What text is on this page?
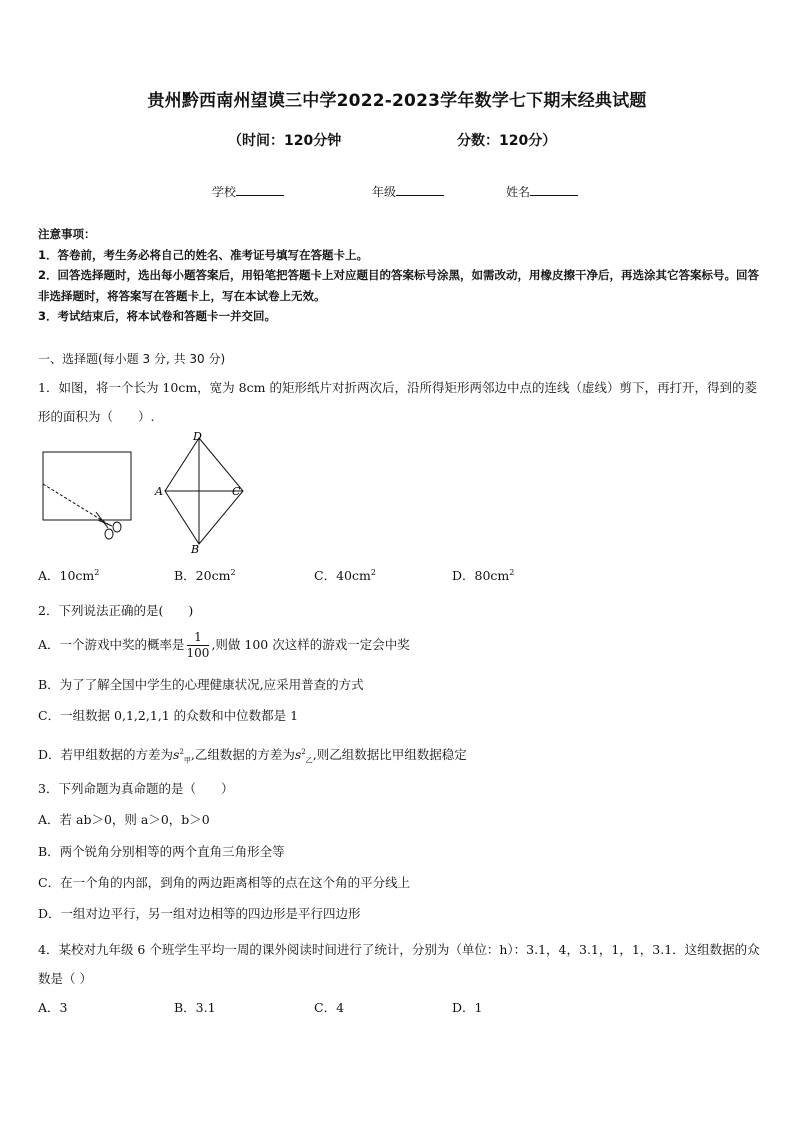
贵州黔西南州望谟三中学2022-2023学年数学七下期末经典试题
（时间：120分钟	分数：120分）
学校	年级	姓名

注意事项：

1．答卷前，考生务必将自己的姓名、准考证号填写在答题卡上。

2．回答选择题时，选出每小题答案后，用铅笔把答题卡上对应题目的答案标号涂黑，如需改动，用橡皮擦干净后，再选涂其它答案标号。回答非选择题时，将答案写在答题卡上，写在本试卷上无效。

3．考试结束后，将本试卷和答题卡一并交回。

一、选择题(每小题 3 分, 共 30 分)
1．如图，将一个长为 10cm，宽为 8cm 的矩形纸片对折两次后，沿所得矩形两邻边中点的连线（虚线）剪下，再打开，得到的菱形的面积为（　　）.
D
A	C
B
A．$10cm^2$	B．$20cm^2$	C．$40cm^2$	D．$80cm^2$
2．下列说法正确的是(　　)
A．一个游戏中奖的概率是 $\frac{1}{100}$ ,则做 100 次这样的游戏一定会中奖
B．为了了解全国中学生的心理健康状况,应采用普查的方式
C．一组数据 0,1,2,1,1 的众数和中位数都是 1
D．若甲组数据的方差为$s^2_甲$,乙组数据的方差为$s^2_乙$,则乙组数据比甲组数据稳定
3．下列命题为真命题的是（　　）
A．若 ab＞0，则 a＞0，b＞0
B．两个锐角分别相等的两个直角三角形全等
C．在一个角的内部，到角的两边距离相等的点在这个角的平分线上
D．一组对边平行，另一组对边相等的四边形是平行四边形
4．某校对九年级 6 个班学生平均一周的课外阅读时间进行了统计，分别为（单位：h）：3.1，4，3.1，1，1，3.1．这组数据的众数是（ ）
A．3	B．3.1	C．4	D．1
